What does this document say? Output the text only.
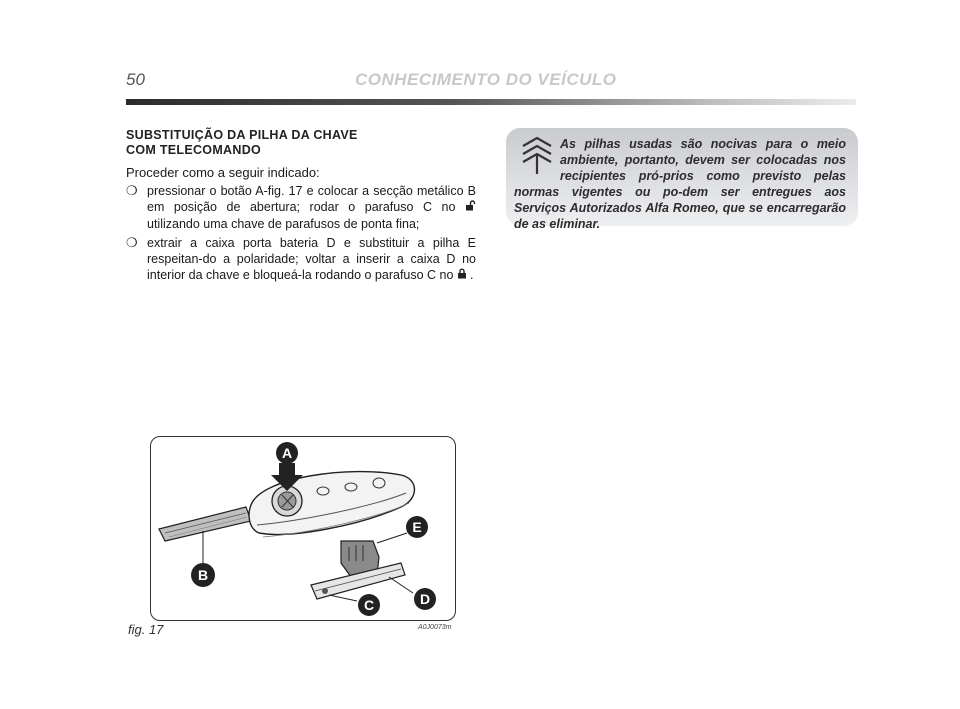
50	CONHECIMENTO DO VEÍCULO
SUBSTITUIÇÃO DA PILHA DA CHAVE
COM TELECOMANDO

Proceder como a seguir indicado:

❍ pressionar o botão A-fig. 17 e colocar a secção metálico B em posição de abertura; rodar o parafuso C no  utilizando uma chave de parafusos de ponta fina;
❍ extrair a caixa porta bateria D e substituir a pilha E respeitan-do a polaridade; voltar a inserir a caixa D no interior da chave e bloqueá-la rodando o parafuso C no .
As pilhas usadas são nocivas para o meio ambiente, portanto, devem ser colocadas nos recipientes pró-prios como previsto pelas normas vigentes ou po-dem ser entregues aos Serviços Autorizados Alfa Romeo, que se encarregarão de as eliminar.
A
E
D
C
B
fig. 17	A0J0073m
